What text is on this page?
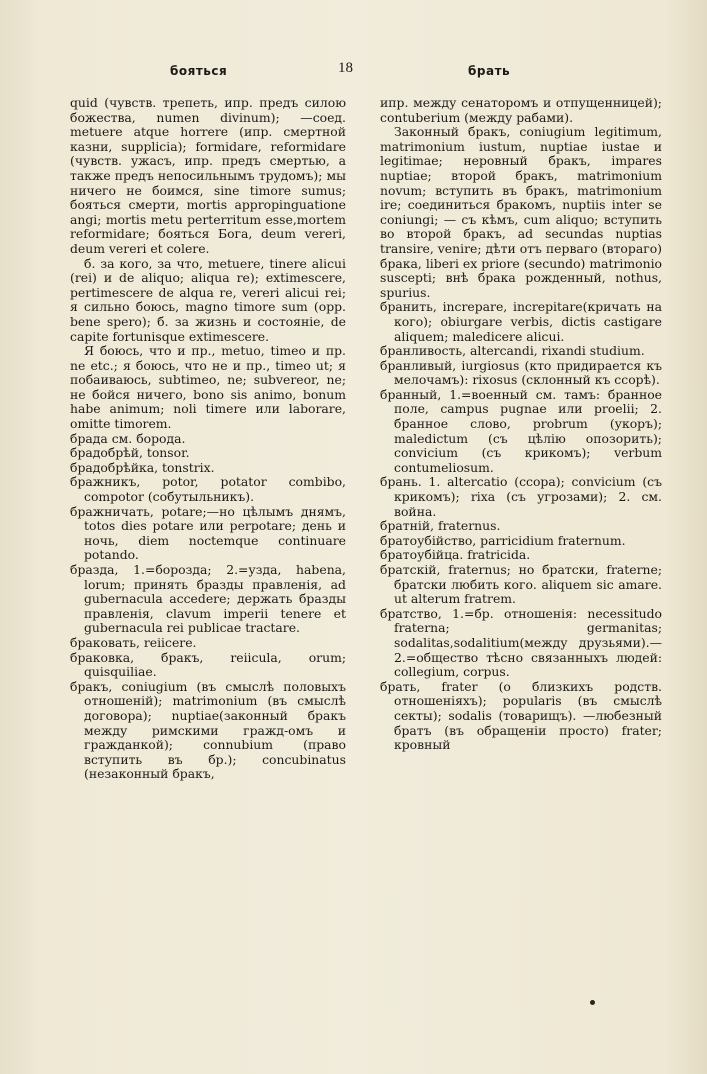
бояться	18	брать

quid (чувств. трепеть, ипр. предъ силою божества, numen divinum); —соед. metuere atque horrere (ипр. смертной казни, supplicia); formidare, reformidare (чувств. ужасъ, ипр. предъ смертью, а также предъ непосильнымъ трудомъ); мы ничего не боимся, sine timore sumus; бояться смерти, mortis appropinguatione angi; mortis metu perterritum esse,mortem reformidare; бояться Бога, deum vereri, deum vereri et colere.

б. за кого, за что, metuere, tinere alicui (rei) и de aliquo; aliqua re); extimescere, pertimescere de alqua re, vereri alicui rei; я сильно боюсь, magno timore sum (opp. bene spero); б. за жизнь и состояніе, de capite fortunisque extimescere.

Я боюсь, что и пр., metuo, timeo и пр. ne etc.; я боюсь, что не и пр., timeo ut; я побаиваюсь, subtimeo, ne; subvereor, ne; не бойся ничего, bono sis animo, bonum habe animum; noli timere или laborare, omitte timorem.

брада см. борода.

брадобрѣй, tonsor.

брадобрѣйка, tonstrix.

бражникъ, potor, potator combibo, compotor (собутыльникъ).

бражничать, potare;—но цѣлымъ днямъ, totos dies potare или perpotare; день и ночь, diem noctemque continuare potando.

бразда, 1.=борозда; 2.=узда, habena, lorum; принять бразды правленія, ad gubernacula accedere; держать бразды правленія, clavum imperii tenere et gubernacula rei publicae tractare.

браковать, reiicere.

браковка, бракъ, reiicula, orum; quisquiliae.

бракъ, coniugium (въ смыслѣ половыхъ отношеній); matrimonium (въ смыслѣ договора); nuptiae(законный бракъ между римскими гражд-омъ и гражданкой); connubium (право вступить въ бр.); concubinatus (незаконный бракъ,

ипр. между сенаторомъ и отпущенницей); contuberium (между рабами).

Законный бракъ, coniugium legitimum, matrimonium iustum, nuptiae iustae и legitimae; неровный бракъ, impares nuptiae; второй бракъ, matrimonium novum; вступить въ бракъ, matrimonium ire; соединиться бракомъ, nuptiis inter se coniungi; — съ кѣмъ, cum aliquo; вступить во второй бракъ, ad secundas nuptias transire, venire; дѣти отъ перваго (втораго) брака, liberi ex priore (secundo) matrimonio suscepti; внѣ брака рожденный, nothus, spurius.

бранить, increpare, increpitare(кричать на кого); obiurgare verbis, dictis castigare aliquem; maledicere alicui.

бранливость, altercandi, rixandi studium.

бранливый, iurgiosus (кто придирается къ мелочамъ): rixosus (склонный къ ссорѣ).

бранный, 1.=военный см. тамъ: бранное поле, campus pugnae или proelii; 2. бранное слово, probrum (укоръ); maledictum (съ цѣлію опозорить); convicium (съ крикомъ); verbum contumeliosum.

брань. 1. altercatio (ссора); convicium (съ крикомъ); rixa (съ угрозами); 2. см. война.

братній, fraternus.

братоубійство, parricidium fraternum.

братоубійца. fratricida.

братскій, fraternus; но братски, fraterne; братски любить кого. aliquem sic amare. ut alterum fratrem.

братство, 1.=бр. отношенія: necessitudo fraterna; germanitas; sodalitas,sodalitium(между друзьями).—2.=общество тѣсно связанныхъ людей: collegium, corpus.

брать, frater (о близкихъ родств. отношеніяхъ); popularis (въ смыслѣ секты); sodalis (товарищъ). —любезный братъ (въ обращеніи просто) frater; кровный
